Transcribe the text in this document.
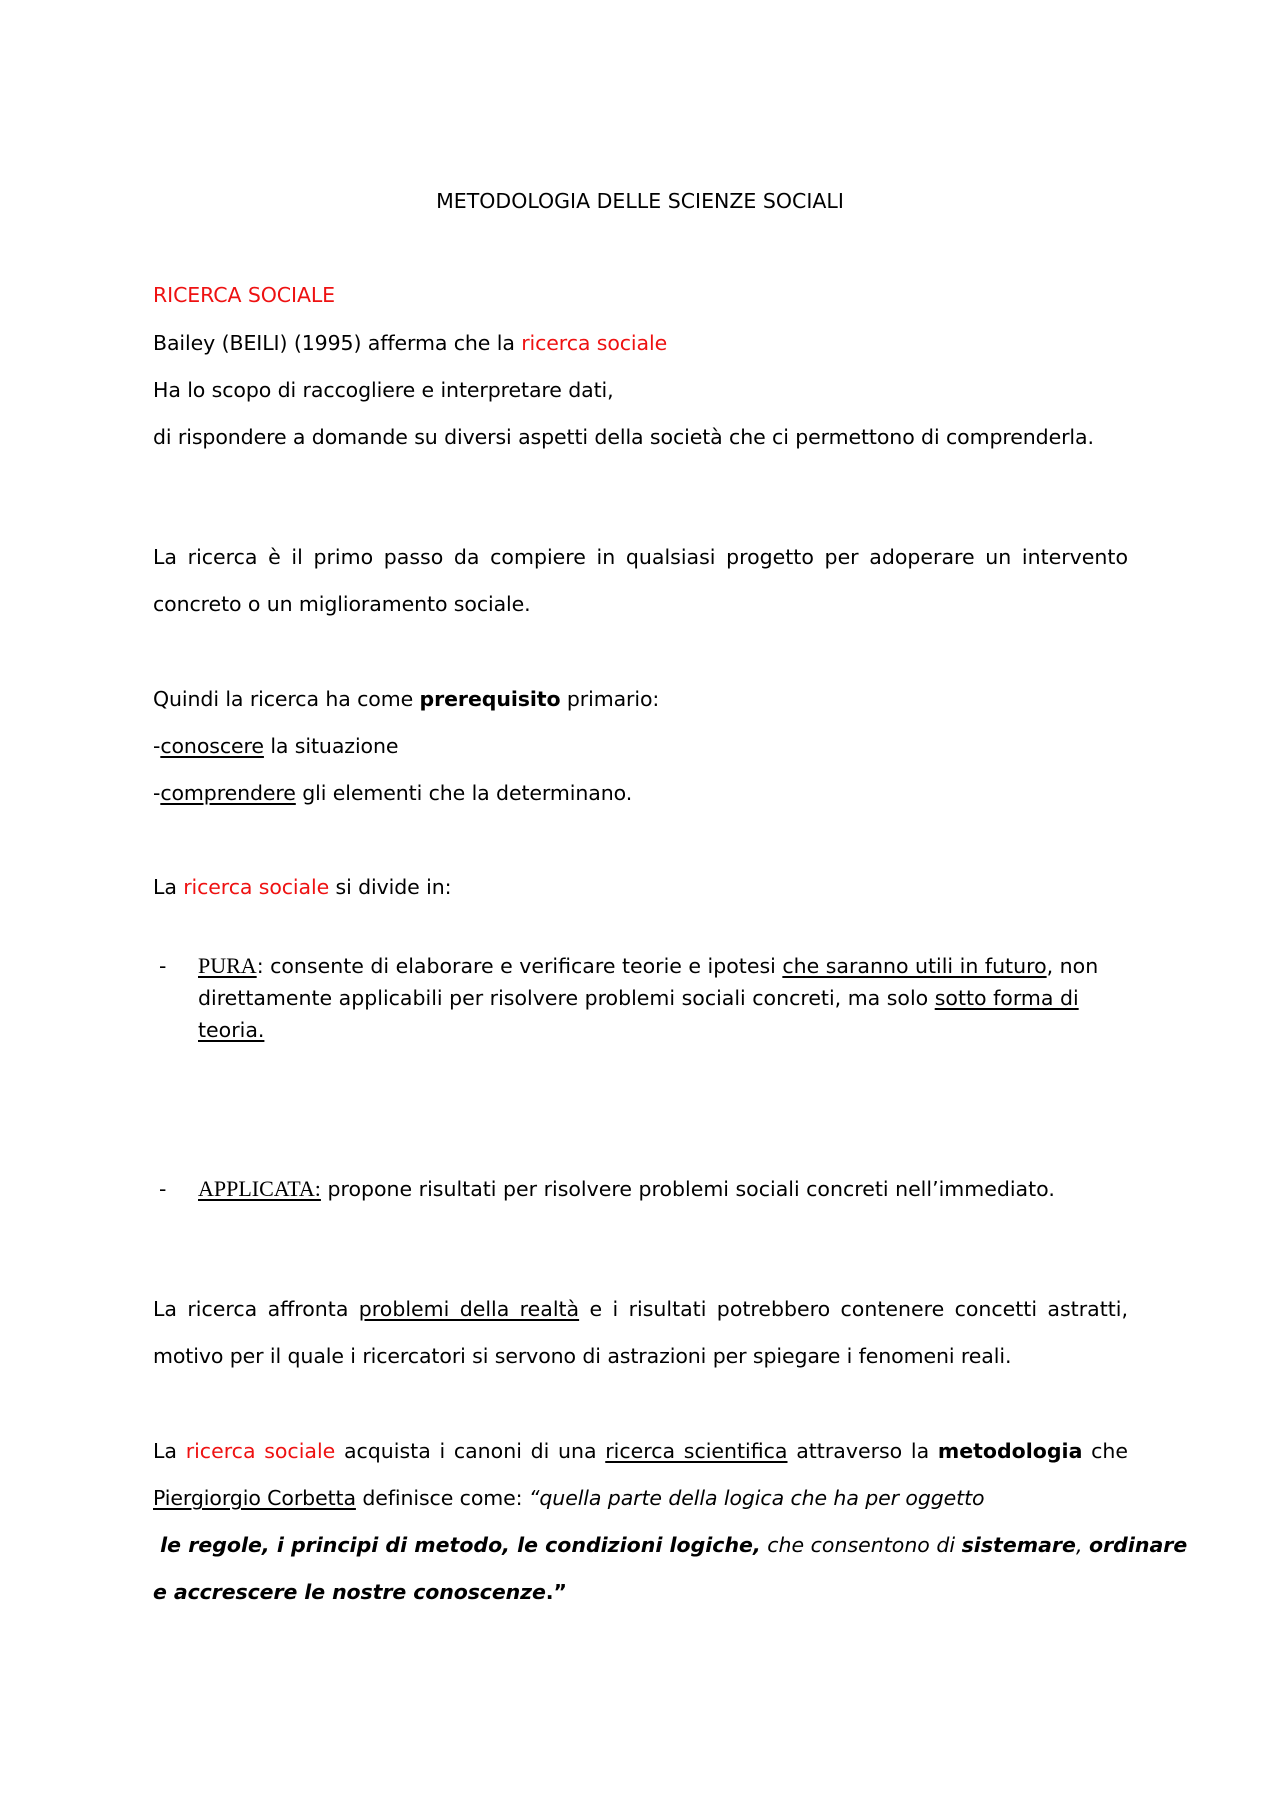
METODOLOGIA DELLE SCIENZE SOCIALI
RICERCA SOCIALE
Bailey (BEILI) (1995) afferma che la ricerca sociale
Ha lo scopo di raccogliere e interpretare dati,
di rispondere a domande su diversi aspetti della società che ci permettono di comprenderla.
La ricerca è il primo passo da compiere in qualsiasi progetto per adoperare un intervento
concreto o un miglioramento sociale.
Quindi la ricerca ha come prerequisito primario:
-conoscere la situazione
-comprendere gli elementi che la determinano.
La ricerca sociale si divide in:
- PURA: consente di elaborare e verificare teorie e ipotesi che saranno utili in futuro, non direttamente applicabili per risolvere problemi sociali concreti, ma solo sotto forma di teoria.
- APPLICATA: propone risultati per risolvere problemi sociali concreti nell’immediato.
La ricerca affronta problemi della realtà e i risultati potrebbero contenere concetti astratti,
motivo per il quale i ricercatori si servono di astrazioni per spiegare i fenomeni reali.
La ricerca sociale acquista i canoni di una ricerca scientifica attraverso la metodologia che
Piergiorgio Corbetta definisce come: “quella parte della logica che ha per oggetto
le regole, i principi di metodo, le condizioni logiche, che consentono di sistemare, ordinare
e accrescere le nostre conoscenze.”
